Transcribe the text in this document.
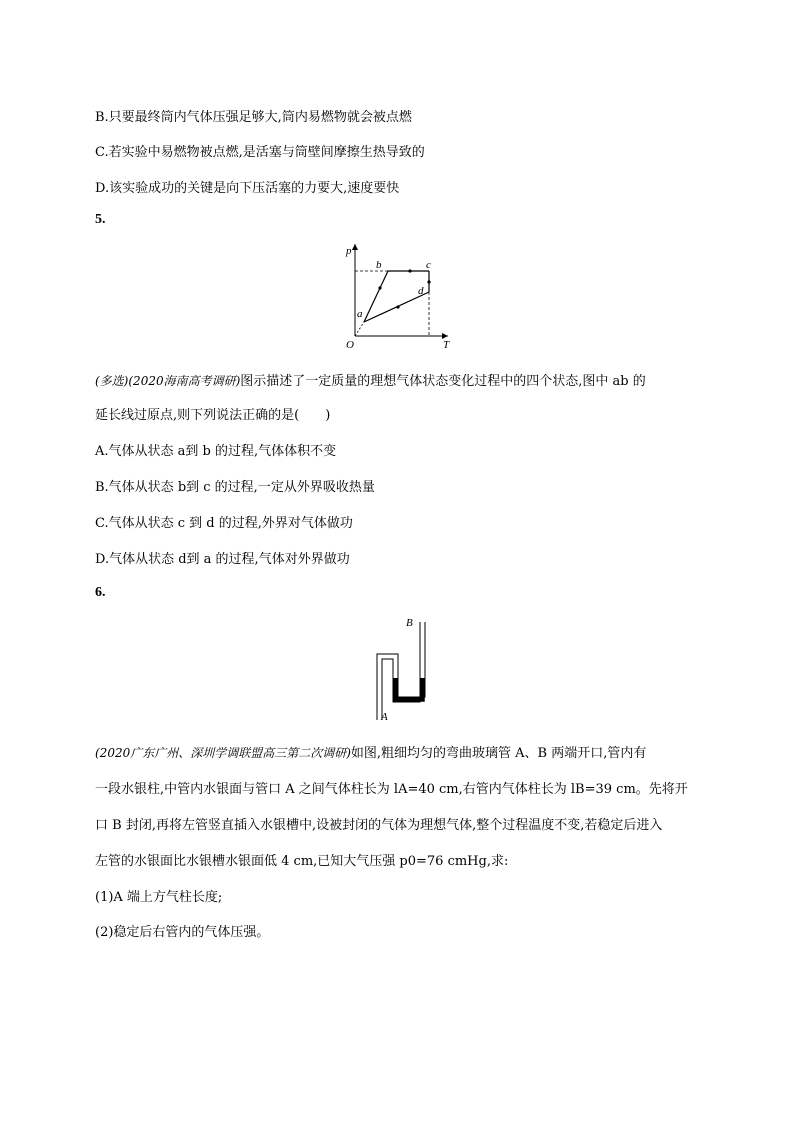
B.只要最终筒内气体压强足够大,筒内易燃物就会被点燃
C.若实验中易燃物被点燃,是活塞与筒壁间摩擦生热导致的
D.该实验成功的关键是向下压活塞的力要大,速度要快
5.
p
T
O
a
b	c
d
(多选)(2020海南高考调研)图示描述了一定质量的理想气体状态变化过程中的四个状态,图中 ab 的
延长线过原点,则下列说法正确的是(　　)
A.气体从状态 a到 b 的过程,气体体积不变
B.气体从状态 b到 c 的过程,一定从外界吸收热量
C.气体从状态 c 到 d 的过程,外界对气体做功
D.气体从状态 d到 a 的过程,气体对外界做功
6.
B
A
(2020广东广州、深圳学调联盟高三第二次调研)如图,粗细均匀的弯曲玻璃管 A、B 两端开口,管内有
一段水银柱,中管内水银面与管口 A 之间气体柱长为 lA=40 cm,右管内气体柱长为 lB=39 cm。先将开
口 B 封闭,再将左管竖直插入水银槽中,设被封闭的气体为理想气体,整个过程温度不变,若稳定后进入
左管的水银面比水银槽水银面低 4 cm,已知大气压强 p0=76 cmHg,求:
(1)A 端上方气柱长度;
(2)稳定后右管内的气体压强。
